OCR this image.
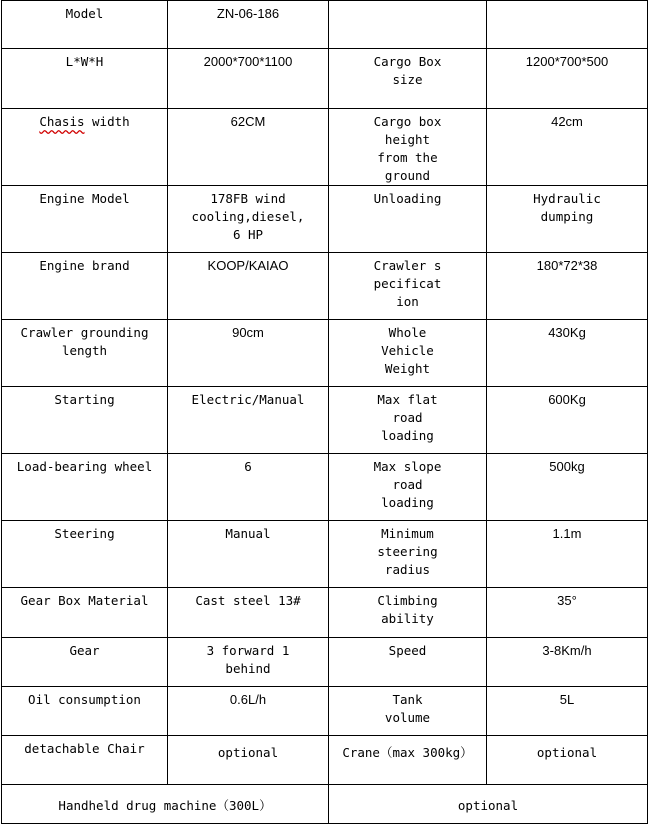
Model	ZN-06-186		
L*W*H	2000*700*1100	Cargo Box size	1200*700*500
Chasis width	62CM	Cargo box height from the ground	42cm
Engine Model	178FB wind cooling,diesel,6 HP	Unloading	Hydraulic dumping
Engine brand	KOOP/KAIAO	Crawler specification	180*72*38
Crawler grounding length	90cm	Whole Vehicle Weight	430Kg
Starting	Electric/Manual	Max flat road loading	600Kg
Load-bearing wheel	6	Max slope road loading	500kg
Steering	Manual	Minimum steering radius	1.1m
Gear Box Material	Cast steel 13#	Climbing ability	35°
Gear	3 forward 1 behind	Speed	3-8Km/h
Oil consumption	0.6L/h	Tank volume	5L
detachable Chair	optional	Crane（max 300kg）	optional
Handheld drug machine（300L）		optional	
